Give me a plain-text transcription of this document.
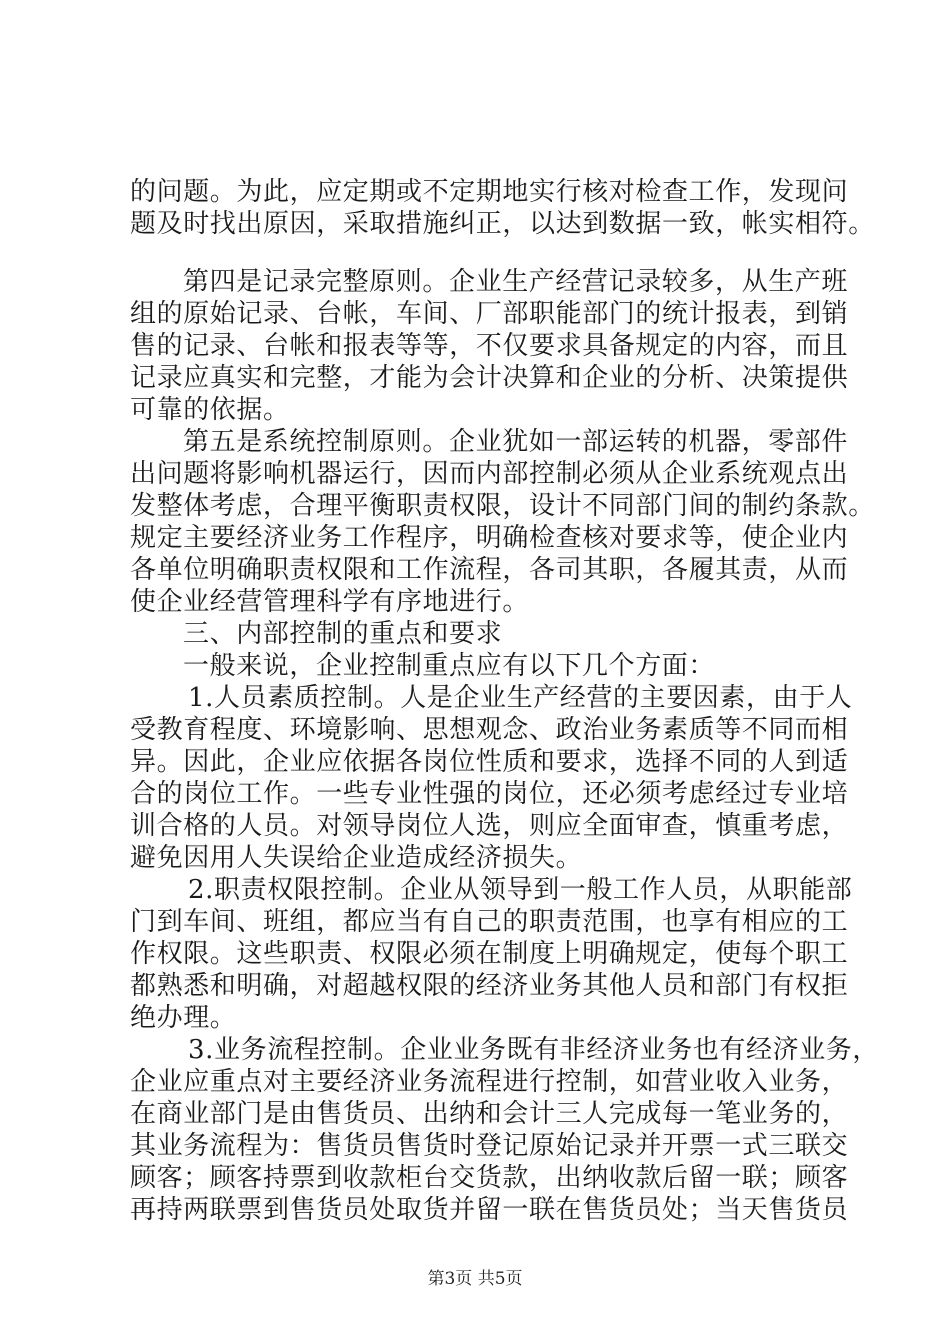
的问题。为此，应定期或不定期地实行核对检查工作，发现问
题及时找出原因，采取措施纠正，以达到数据一致，帐实相符。
第四是记录完整原则。企业生产经营记录较多，从生产班
组的原始记录、台帐，车间、厂部职能部门的统计报表，到销
售的记录、台帐和报表等等，不仅要求具备规定的内容，而且
记录应真实和完整，才能为会计决算和企业的分析、决策提供
可靠的依据。
第五是系统控制原则。企业犹如一部运转的机器，零部件
出问题将影响机器运行，因而内部控制必须从企业系统观点出
发整体考虑，合理平衡职责权限，设计不同部门间的制约条款。
规定主要经济业务工作程序，明确检查核对要求等，使企业内
各单位明确职责权限和工作流程，各司其职，各履其责，从而
使企业经营管理科学有序地进行。
三、内部控制的重点和要求
一般来说，企业控制重点应有以下几个方面：
1.人员素质控制。人是企业生产经营的主要因素，由于人
受教育程度、环境影响、思想观念、政治业务素质等不同而相
异。因此，企业应依据各岗位性质和要求，选择不同的人到适
合的岗位工作。一些专业性强的岗位，还必须考虑经过专业培
训合格的人员。对领导岗位人选，则应全面审查，慎重考虑，
避免因用人失误给企业造成经济损失。
2.职责权限控制。企业从领导到一般工作人员，从职能部
门到车间、班组，都应当有自己的职责范围，也享有相应的工
作权限。这些职责、权限必须在制度上明确规定，使每个职工
都熟悉和明确，对超越权限的经济业务其他人员和部门有权拒
绝办理。
3.业务流程控制。企业业务既有非经济业务也有经济业务，
企业应重点对主要经济业务流程进行控制，如营业收入业务，
在商业部门是由售货员、出纳和会计三人完成每一笔业务的，
其业务流程为：售货员售货时登记原始记录并开票一式三联交
顾客；顾客持票到收款柜台交货款，出纳收款后留一联；顾客
再持两联票到售货员处取货并留一联在售货员处；当天售货员
第3页 共5页
